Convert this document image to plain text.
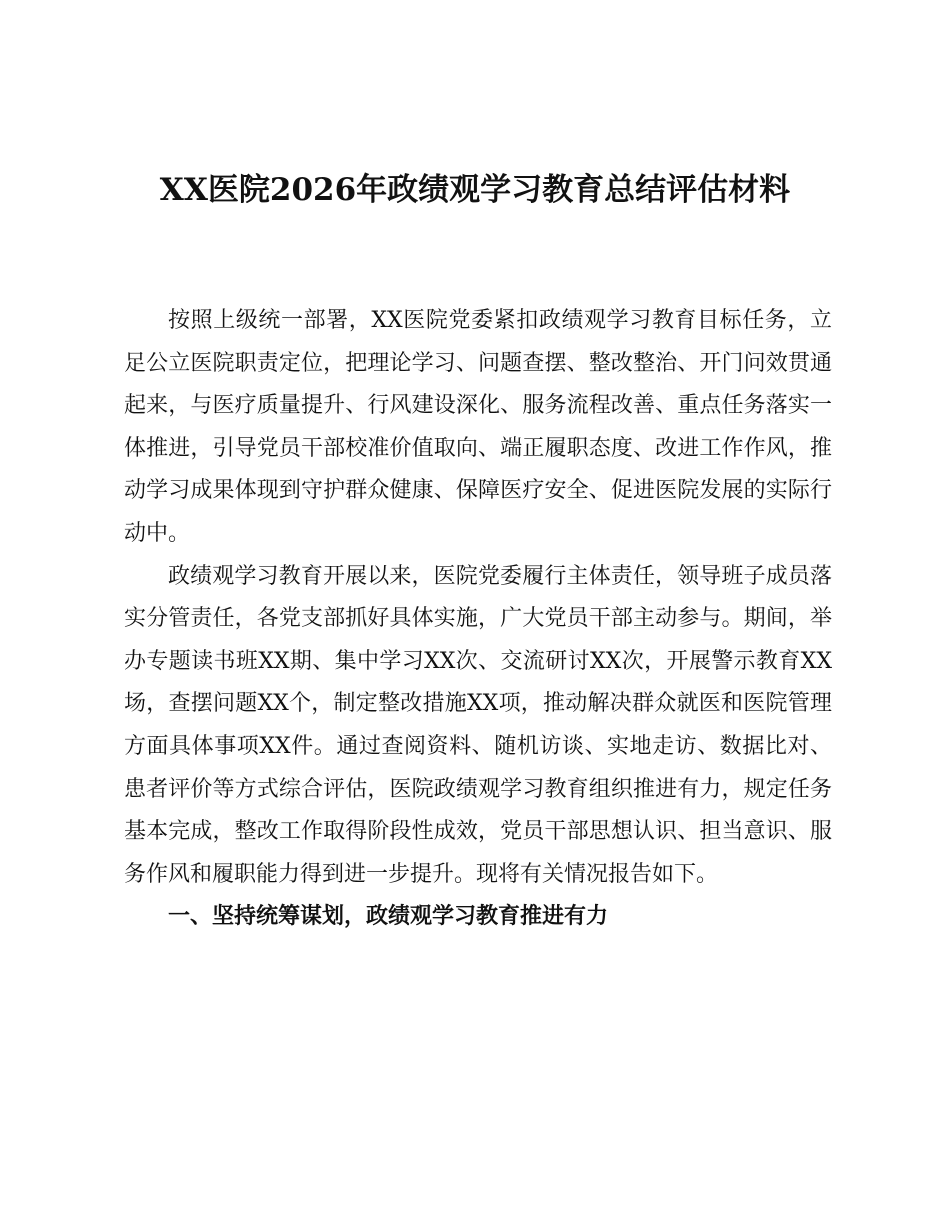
XX医院2026年政绩观学习教育总结评估材料

按照上级统一部署，XX医院党委紧扣政绩观学习教育目标任务，立足公立医院职责定位，把理论学习、问题查摆、整改整治、开门问效贯通起来，与医疗质量提升、行风建设深化、服务流程改善、重点任务落实一体推进，引导党员干部校准价值取向、端正履职态度、改进工作作风，推动学习成果体现到守护群众健康、保障医疗安全、促进医院发展的实际行动中。

政绩观学习教育开展以来，医院党委履行主体责任，领导班子成员落实分管责任，各党支部抓好具体实施，广大党员干部主动参与。期间，举办专题读书班XX期、集中学习XX次、交流研讨XX次，开展警示教育XX场，查摆问题XX个，制定整改措施XX项，推动解决群众就医和医院管理方面具体事项XX件。通过查阅资料、随机访谈、实地走访、数据比对、患者评价等方式综合评估，医院政绩观学习教育组织推进有力，规定任务基本完成，整改工作取得阶段性成效，党员干部思想认识、担当意识、服务作风和履职能力得到进一步提升。现将有关情况报告如下。

一、坚持统筹谋划，政绩观学习教育推进有力
